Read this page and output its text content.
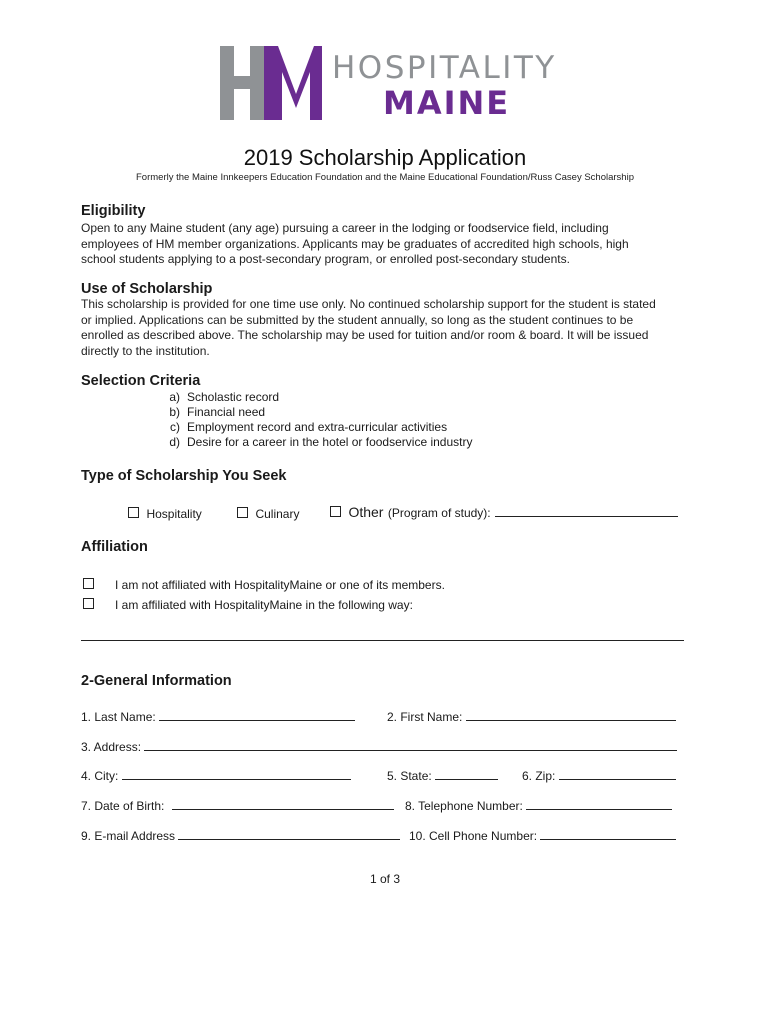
HOSPITALITY
MAINE
2019 Scholarship Application
Formerly the Maine Innkeepers Education Foundation and the Maine Educational Foundation/Russ Casey Scholarship
Eligibility
Open to any Maine student (any age) pursuing a career in the lodging or foodservice field, including
employees of HM member organizations. Applicants may be graduates of accredited high schools, high
school students applying to a post-secondary program, or enrolled post-secondary students.
Use of Scholarship
This scholarship is provided for one time use only. No continued scholarship support for the student is stated
or implied. Applications can be submitted by the student annually, so long as the student continues to be
enrolled as described above. The scholarship may be used for tuition and/or room & board. It will be issued
directly to the institution.
Selection Criteria
a) Scholastic record
b) Financial need
c) Employment record and extra-curricular activities
d) Desire for a career in the hotel or foodservice industry
Type of Scholarship You Seek
Hospitality	Culinary	Other (Program of study):
Affiliation
I am not affiliated with HospitalityMaine or one of its members.
I am affiliated with HospitalityMaine in the following way:
2-General Information
1. Last Name:	2. First Name:
3. Address:
4. City:	5. State:	6. Zip:
7. Date of Birth:	8. Telephone Number:
9. E-mail Address	10. Cell Phone Number:
1 of 3
